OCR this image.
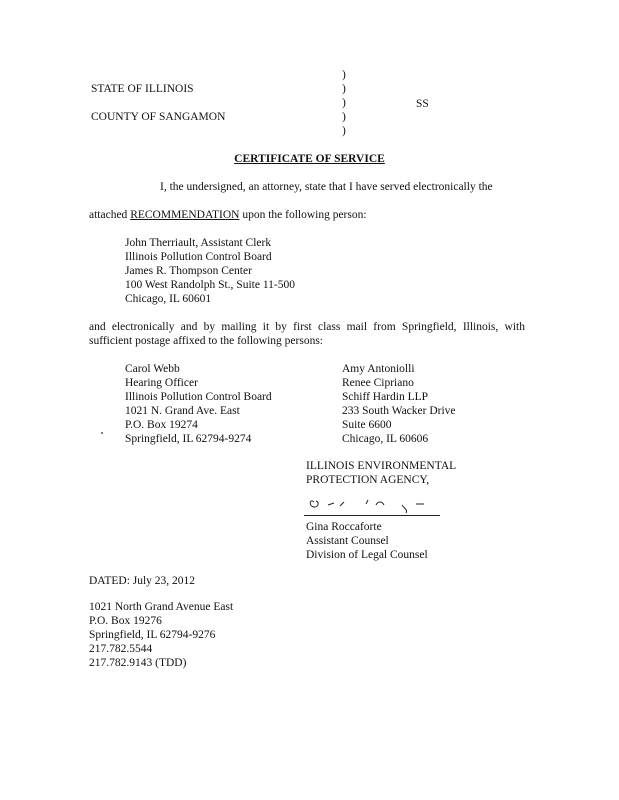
STATE OF ILLINOIS
COUNTY OF SANGAMON
)
)
)
)
)
SS
CERTIFICATE OF SERVICE
I, the undersigned, an attorney, state that I have served electronically the
attached RECOMMENDATION upon the following person:
John Therriault, Assistant Clerk
Illinois Pollution Control Board
James R. Thompson Center
100 West Randolph St., Suite 11-500
Chicago, IL 60601
and electronically and by mailing it by first class mail from Springfield, Illinois, with sufficient postage affixed to the following persons:
Carol Webb
Hearing Officer
Illinois Pollution Control Board
1021 N. Grand Ave. East
P.O. Box 19274
Springfield, IL 62794-9274
Amy Antoniolli
Renee Cipriano
Schiff Hardin LLP
233 South Wacker Drive
Suite 6600
Chicago, IL 60606
ILLINOIS ENVIRONMENTAL
PROTECTION AGENCY,
Gina Roccaforte
Assistant Counsel
Division of Legal Counsel
DATED: July 23, 2012
1021 North Grand Avenue East
P.O. Box 19276
Springfield, IL 62794-9276
217.782.5544
217.782.9143 (TDD)
